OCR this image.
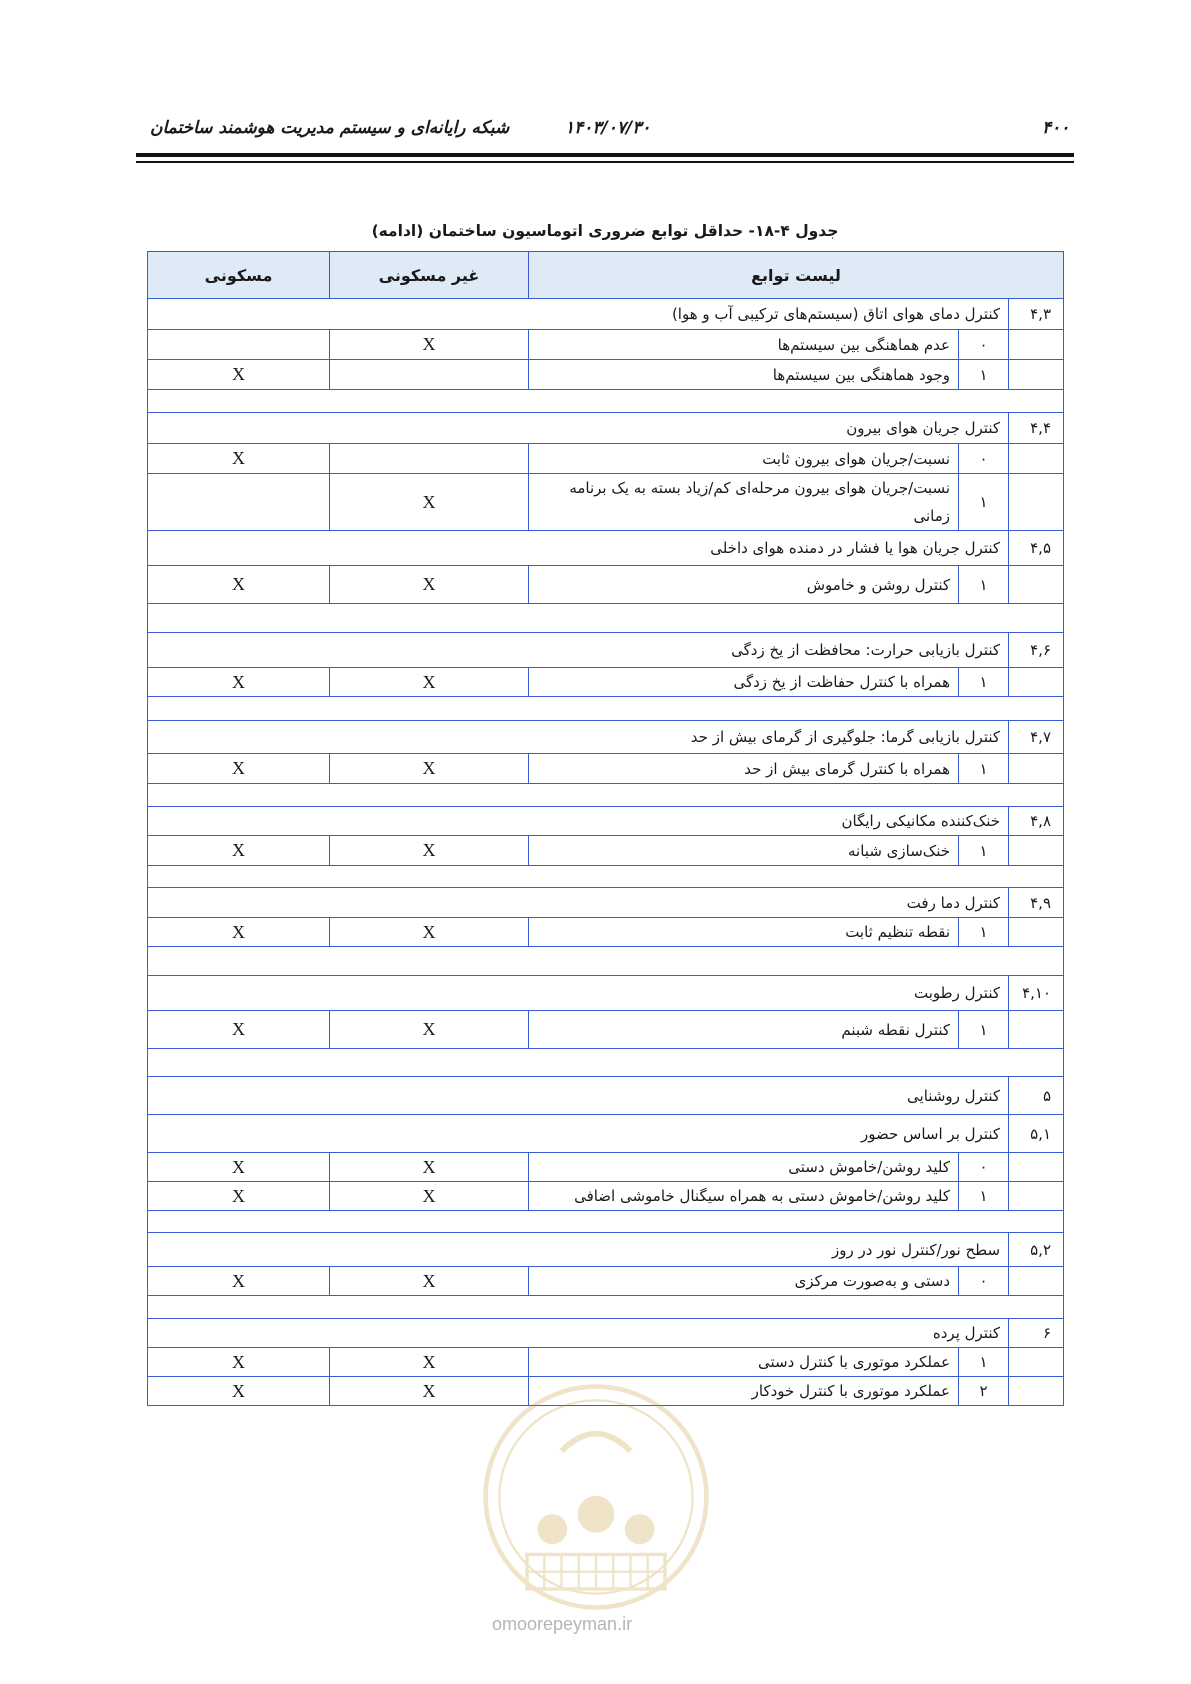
شبکه رایانه‌ای و سیستم مدیریت هوشمند ساختمان	۱۴۰۳/۰۷/۳۰	۴۰۰
جدول ۴-۱۸- حداقل توابع ضروری اتوماسیون ساختمان (ادامه)
لیست توابع			غیر مسکونی	مسکونی
۴,۳	کنترل دمای هوای اتاق (سیستم‌های ترکیبی آب و هوا)			
	۰	عدم هماهنگی بین سیستم‌ها	X	
	۱	وجود هماهنگی بین سیستم‌ها		X

۴,۴	کنترل جریان هوای بیرون			
	۰	نسبت/جریان هوای بیرون ثابت		X
	۱	نسبت/جریان هوای بیرون مرحله‌ای کم/زیاد بسته به یک برنامه زمانی	X	
۴,۵	کنترل جریان هوا یا فشار در دمنده هوای داخلی			
	۱	کنترل روشن و خاموش	X	X

۴,۶	کنترل بازیابی حرارت: محافظت از یخ زدگی			
	۱	همراه با کنترل حفاظت از یخ زدگی	X	X

۴,۷	کنترل بازیابی گرما: جلوگیری از گرمای بیش از حد			
	۱	همراه با کنترل گرمای بیش از حد	X	X

۴,۸	خنک‌کننده مکانیکی رایگان			
	۱	خنک‌سازی شبانه	X	X

۴,۹	کنترل دما رفت			
	۱	نقطه تنظیم ثابت	X	X

۴,۱۰	کنترل رطوبت			
	۱	کنترل نقطه شبنم	X	X

۵	کنترل روشنایی			
۵,۱	کنترل بر اساس حضور			
	۰	کلید روشن/خاموش دستی	X	X
	۱	کلید روشن/خاموش دستی به همراه سیگنال خاموشی اضافی	X	X

۵,۲	سطح نور/کنترل نور در روز			
	۰	دستی و به‌صورت مرکزی	X	X

۶	کنترل پرده			
	۱	عملکرد موتوری با کنترل دستی	X	X
	۲	عملکرد موتوری با کنترل خودکار	X	X
omoorepeyman.ir
